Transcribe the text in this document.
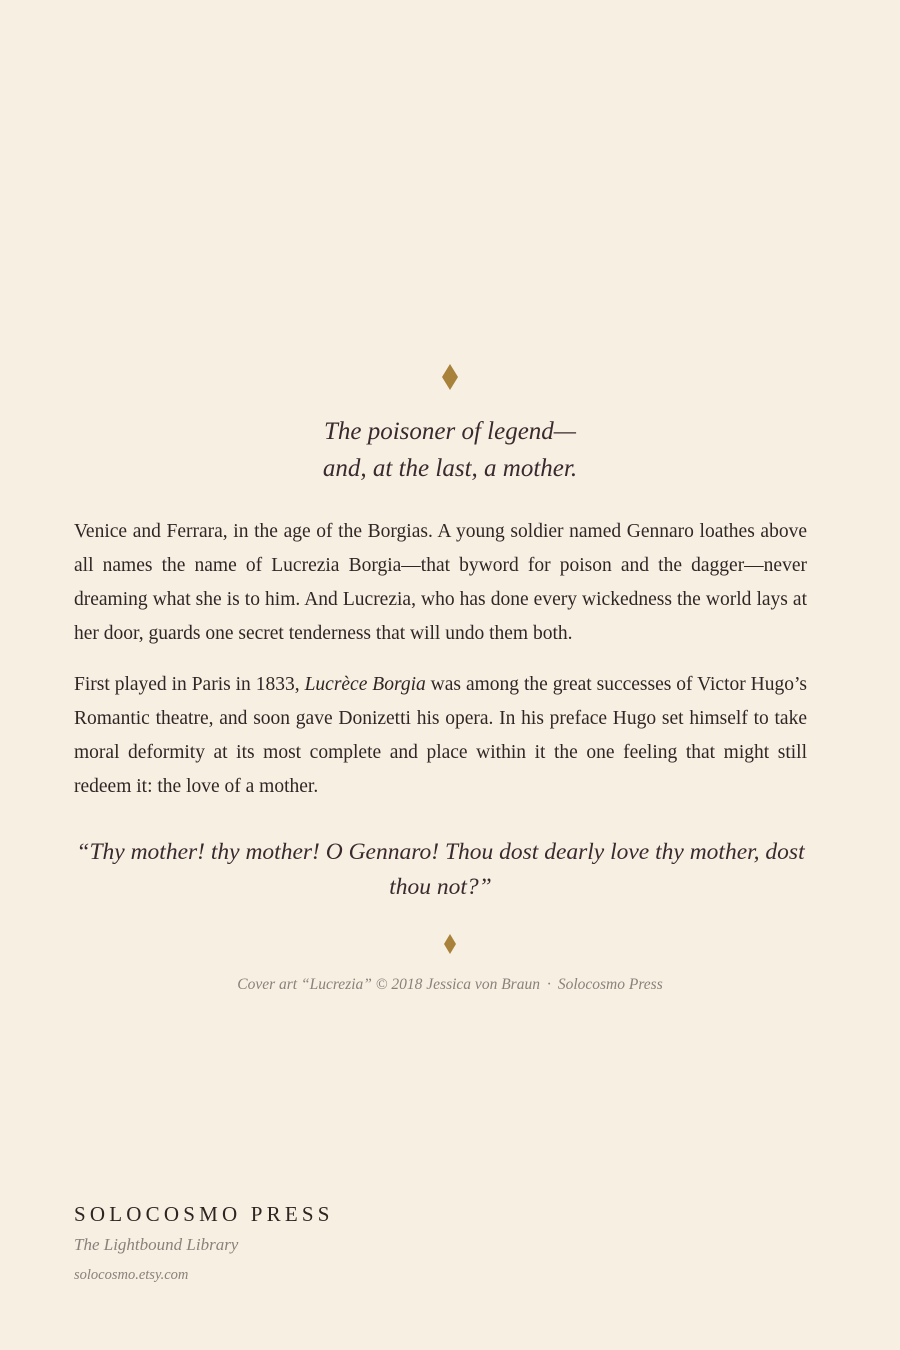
The poisoner of legend—
and, at the last, a mother.

Venice and Ferrara, in the age of the Borgias. A young soldier named Gennaro loathes above all names the name of Lucrezia Borgia—that byword for poison and the dagger—never dreaming what she is to him. And Lucrezia, who has done every wickedness the world lays at her door, guards one secret tenderness that will undo them both.

First played in Paris in 1833, Lucrèce Borgia was among the great successes of Victor Hugo’s Romantic theatre, and soon gave Donizetti his opera. In his preface Hugo set himself to take moral deformity at its most complete and place within it the one feeling that might still redeem it: the love of a mother.

“Thy mother! thy mother! O Gennaro! Thou dost dearly love thy mother, dost thou not?”
Cover art “Lucrezia” © 2018 Jessica von Braun · Solocosmo Press
SOLOCOSMO PRESS
The Lightbound Library
solocosmo.etsy.com
